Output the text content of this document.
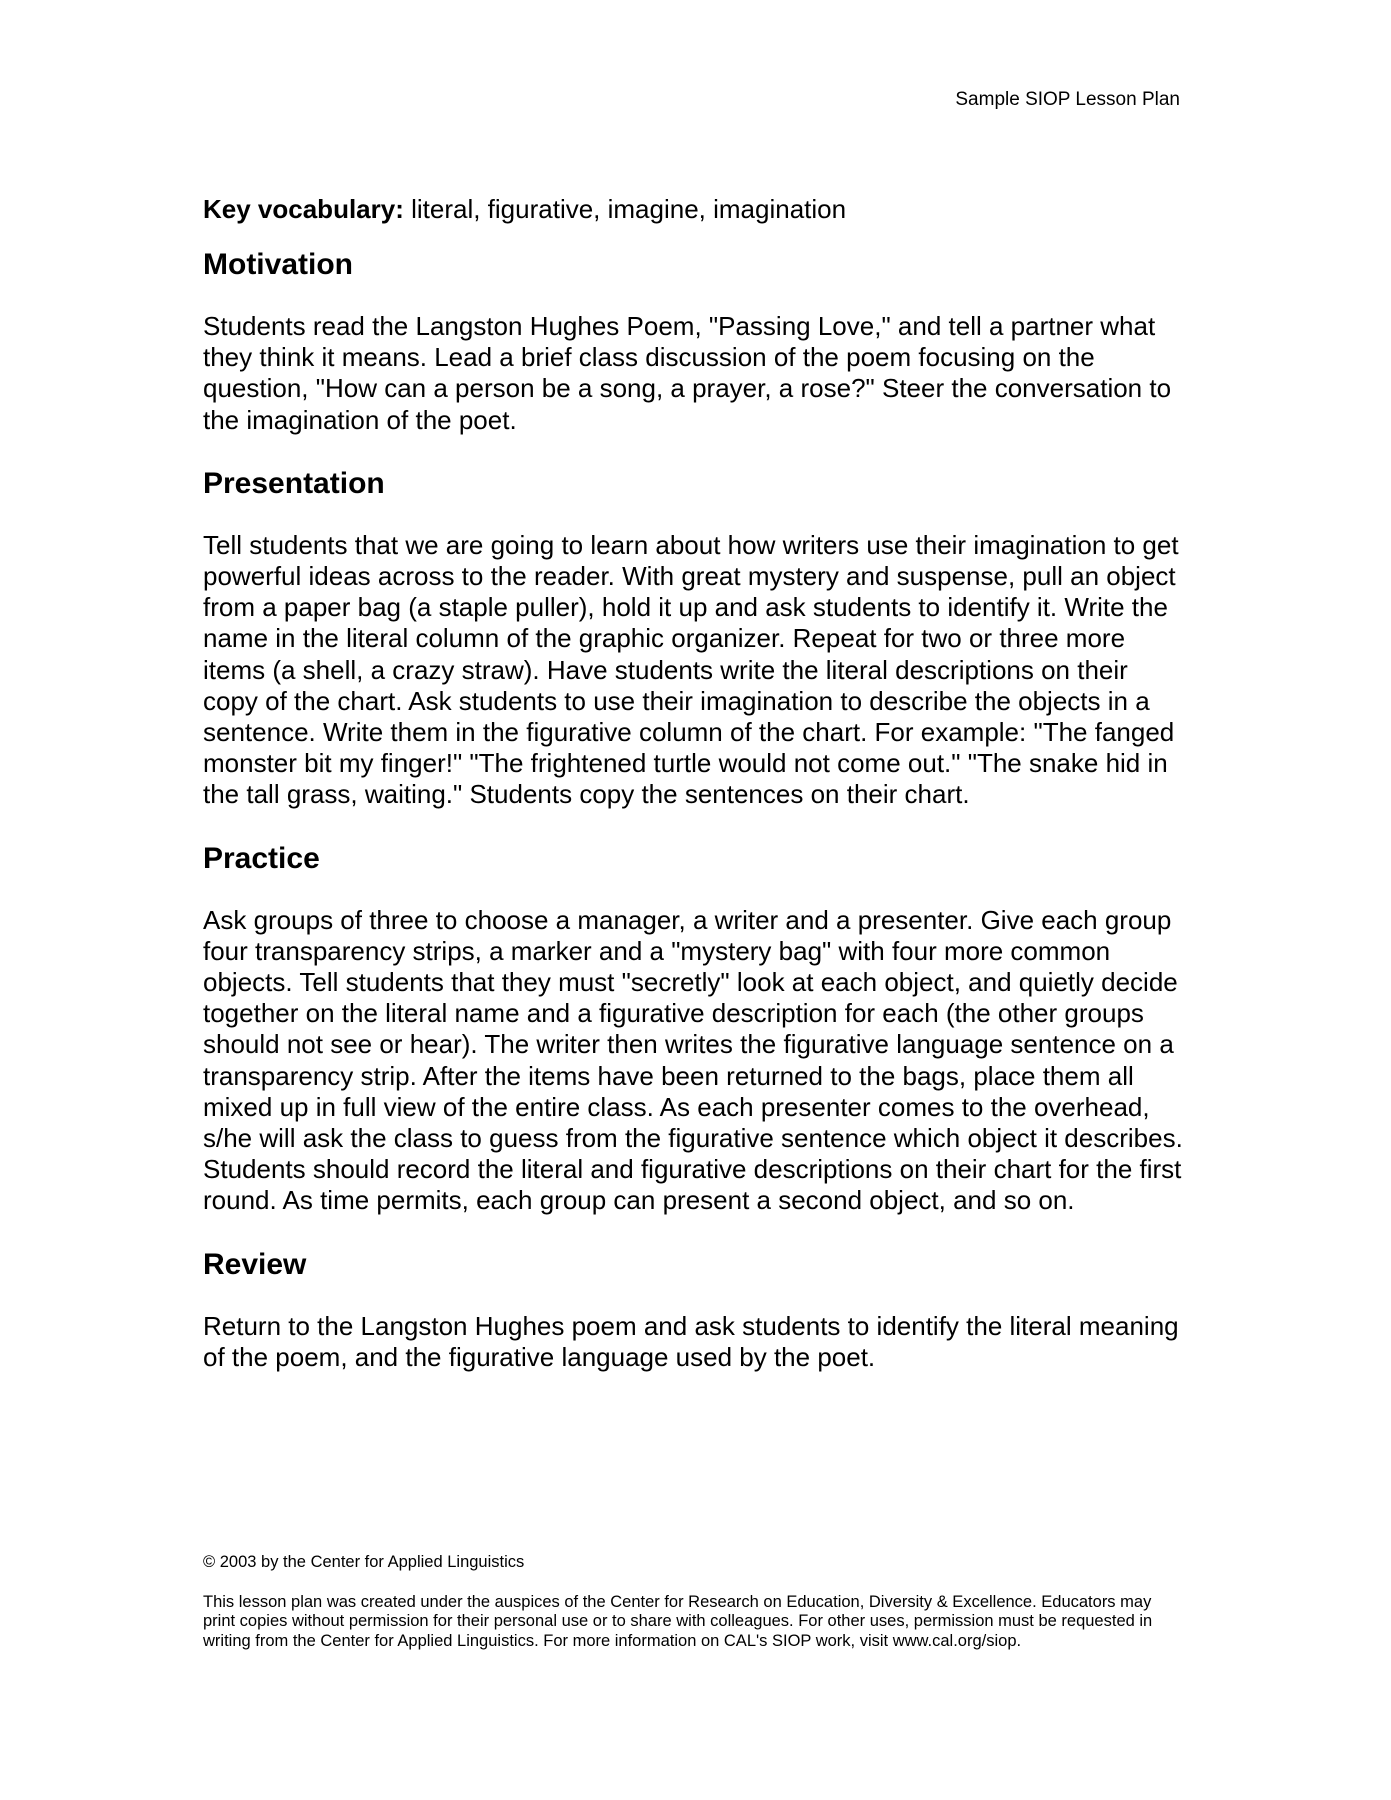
Sample SIOP Lesson Plan

Key vocabulary: literal, figurative, imagine, imagination

Motivation

Students read the Langston Hughes Poem, "Passing Love," and tell a partner what they think it means. Lead a brief class discussion of the poem focusing on the question, "How can a person be a song, a prayer, a rose?" Steer the conversation to the imagination of the poet.

Presentation

Tell students that we are going to learn about how writers use their imagination to get powerful ideas across to the reader. With great mystery and suspense, pull an object from a paper bag (a staple puller), hold it up and ask students to identify it. Write the name in the literal column of the graphic organizer. Repeat for two or three more items (a shell, a crazy straw). Have students write the literal descriptions on their copy of the chart. Ask students to use their imagination to describe the objects in a sentence. Write them in the figurative column of the chart. For example: "The fanged monster bit my finger!" "The frightened turtle would not come out." "The snake hid in the tall grass, waiting." Students copy the sentences on their chart.

Practice

Ask groups of three to choose a manager, a writer and a presenter. Give each group four transparency strips, a marker and a "mystery bag" with four more common objects. Tell students that they must "secretly" look at each object, and quietly decide together on the literal name and a figurative description for each (the other groups should not see or hear). The writer then writes the figurative language sentence on a transparency strip. After the items have been returned to the bags, place them all mixed up in full view of the entire class. As each presenter comes to the overhead, s/he will ask the class to guess from the figurative sentence which object it describes. Students should record the literal and figurative descriptions on their chart for the first round. As time permits, each group can present a second object, and so on.

Review

Return to the Langston Hughes poem and ask students to identify the literal meaning of the poem, and the figurative language used by the poet.

© 2003 by the Center for Applied Linguistics

This lesson plan was created under the auspices of the Center for Research on Education, Diversity & Excellence. Educators may print copies without permission for their personal use or to share with colleagues. For other uses, permission must be requested in writing from the Center for Applied Linguistics. For more information on CAL's SIOP work, visit www.cal.org/siop.
